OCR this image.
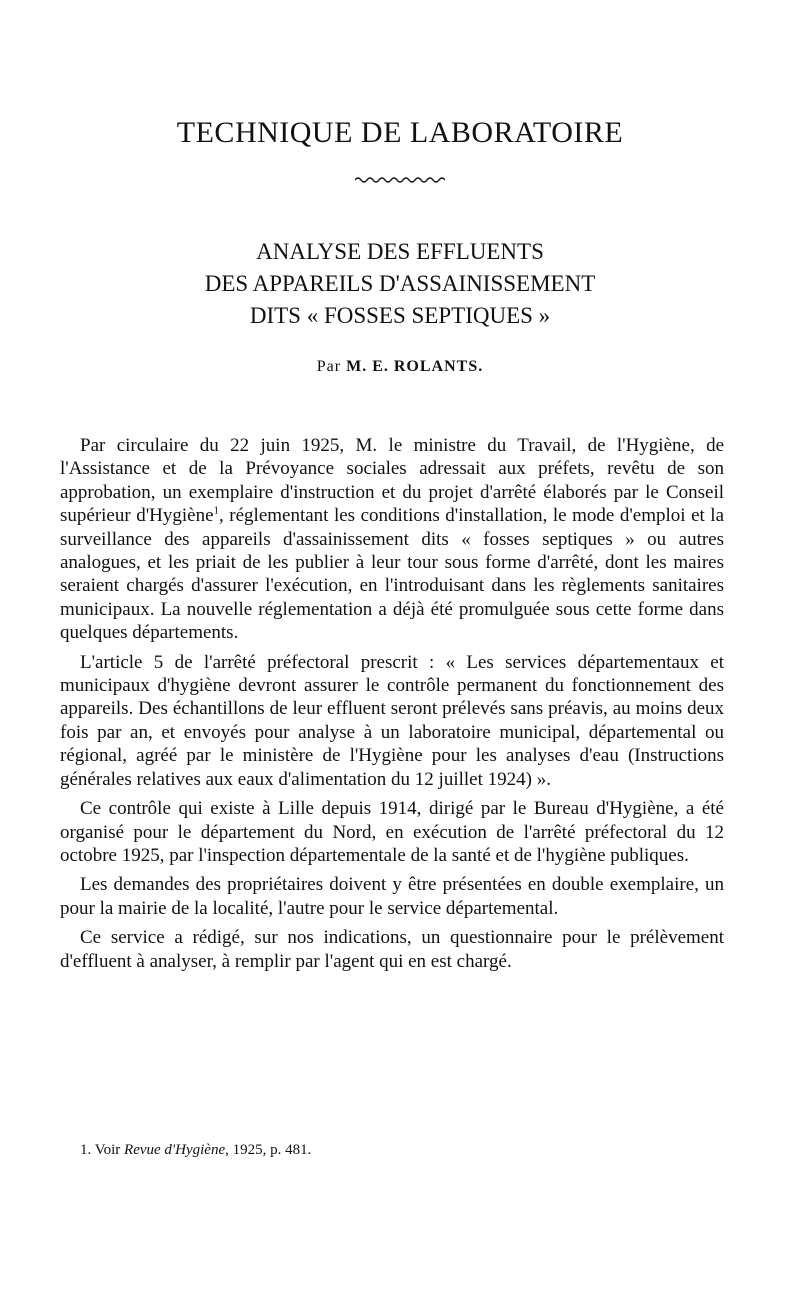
TECHNIQUE DE LABORATOIRE
ANALYSE DES EFFLUENTS
DES APPAREILS D'ASSAINISSEMENT
DITS « FOSSES SEPTIQUES »

Par M. E. ROLANTS.

Par circulaire du 22 juin 1925, M. le ministre du Travail, de l'Hygiène, de l'Assistance et de la Prévoyance sociales adressait aux préfets, revêtu de son approbation, un exemplaire d'instruction et du projet d'arrêté élaborés par le Conseil supérieur d'Hygiène$^1$, réglementant les conditions d'installation, le mode d'emploi et la surveillance des appareils d'assainissement dits « fosses septiques » ou autres analogues, et les priait de les publier à leur tour sous forme d'arrêté, dont les maires seraient chargés d'assurer l'exécution, en l'introduisant dans les règlements sanitaires municipaux. La nouvelle réglementation a déjà été promulguée sous cette forme dans quelques départements.

L'article 5 de l'arrêté préfectoral prescrit : « Les services départementaux et municipaux d'hygiène devront assurer le contrôle permanent du fonctionnement des appareils. Des échantillons de leur effluent seront prélevés sans préavis, au moins deux fois par an, et envoyés pour analyse à un laboratoire municipal, départemental ou régional, agréé par le ministère de l'Hygiène pour les analyses d'eau (Instructions générales relatives aux eaux d'alimentation du 12 juillet 1924) ».

Ce contrôle qui existe à Lille depuis 1914, dirigé par le Bureau d'Hygiène, a été organisé pour le département du Nord, en exécution de l'arrêté préfectoral du 12 octobre 1925, par l'inspection départementale de la santé et de l'hygiène publiques.

Les demandes des propriétaires doivent y être présentées en double exemplaire, un pour la mairie de la localité, l'autre pour le service départemental.

Ce service a rédigé, sur nos indications, un questionnaire pour le prélèvement d'effluent à analyser, à remplir par l'agent qui en est chargé.

1. Voir Revue d'Hygiène, 1925, p. 481.
